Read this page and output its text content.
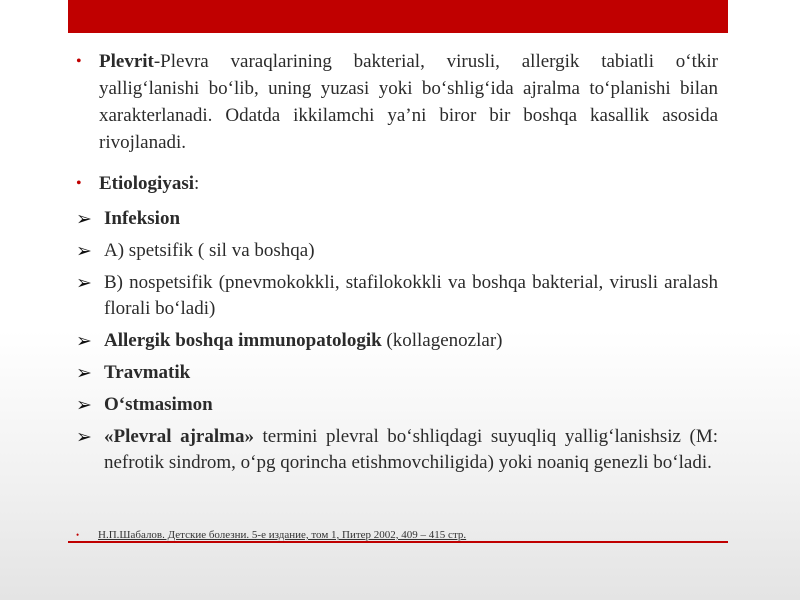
• Plevrit-Plevra varaqlarining bakterial, virusli, allergik tabiatli o‘tkir yallig‘lanishi bo‘lib, uning yuzasi yoki bo‘shlig‘ida ajralma to‘planishi bilan xarakterlanadi. Odatda ikkilamchi ya’ni biror bir boshqa kasallik asosida rivojlanadi.

• Etiologiyasi:

➢ Infeksion

➢ A) spetsifik ( sil va boshqa)

➢ B) nospetsifik (pnevmokokkli, stafilokokkli va boshqa bakterial, virusli aralash florali bo‘ladi)

➢ Allergik boshqa immunopatologik (kollagenozlar)

➢ Travmatik

➢ O‘stmasimon

➢ «Plevral ajralma» termini plevral bo‘shliqdagi suyuqliq yallig‘lanishsiz (M: nefrotik sindrom, o‘pg qorincha etishmovchiligida) yoki noaniq genezli bo‘ladi.

• Н.П.Шабалов. Детские болезни. 5-е издание, том 1, Питер 2002, 409 – 415 стр.
